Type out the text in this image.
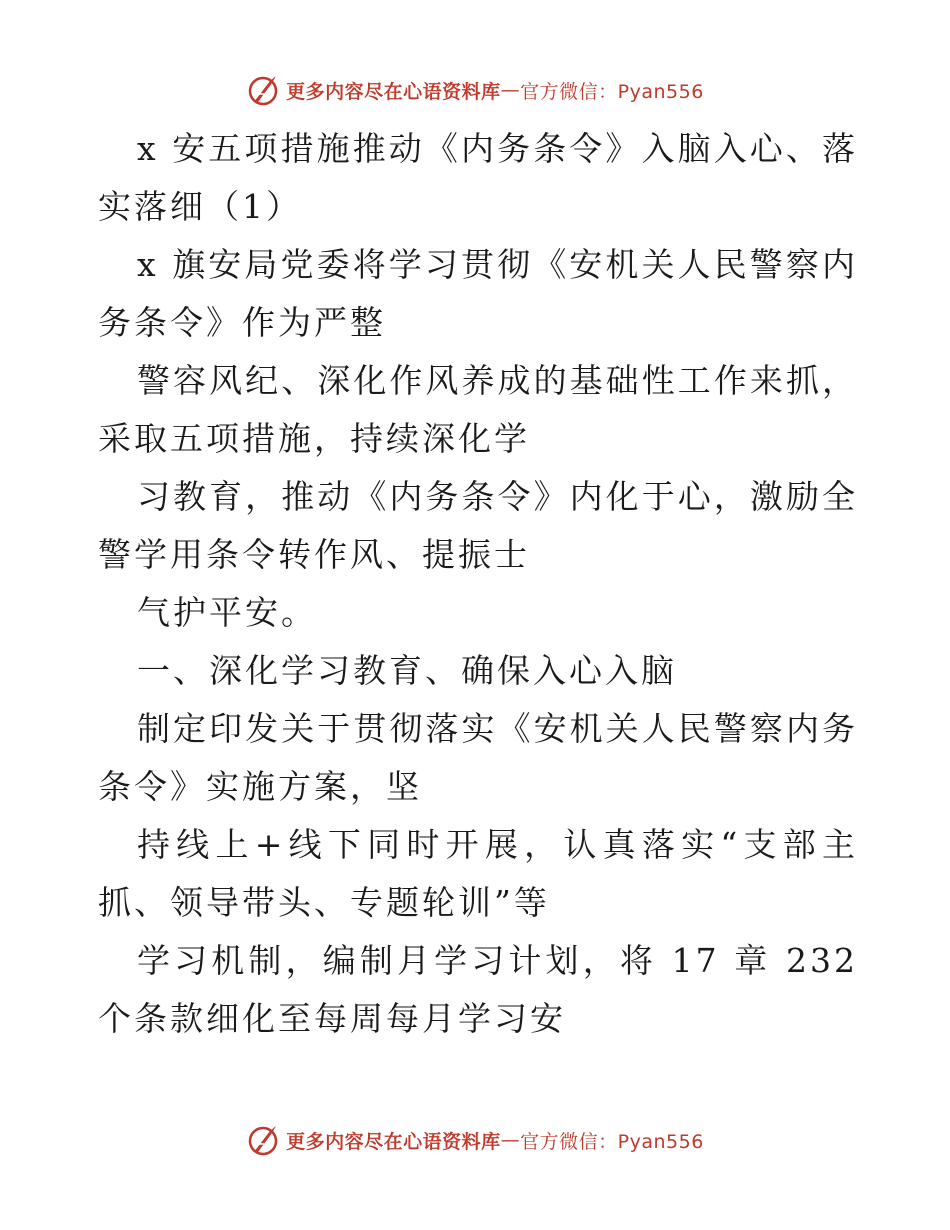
更多内容尽在心语资料库 — 官方微信：Pyan556

x 安五项措施推动《内务条令》入脑入心、落实落细（1）

x 旗安局党委将学习贯彻《安机关人民警察内务条令》作为严整

警容风纪、深化作风养成的基础性工作来抓，采取五项措施，持续深化学

习教育，推动《内务条令》内化于心，激励全警学用条令转作风、提振士

气护平安。

一、深化学习教育、确保入心入脑

制定印发关于贯彻落实《安机关人民警察内务条令》实施方案，坚

持线上+线下同时开展，认真落实“支部主抓、领导带头、专题轮训”等

学习机制，编制月学习计划，将 17 章 232 个条款细化至每周每月学习安

更多内容尽在心语资料库 — 官方微信：Pyan556
